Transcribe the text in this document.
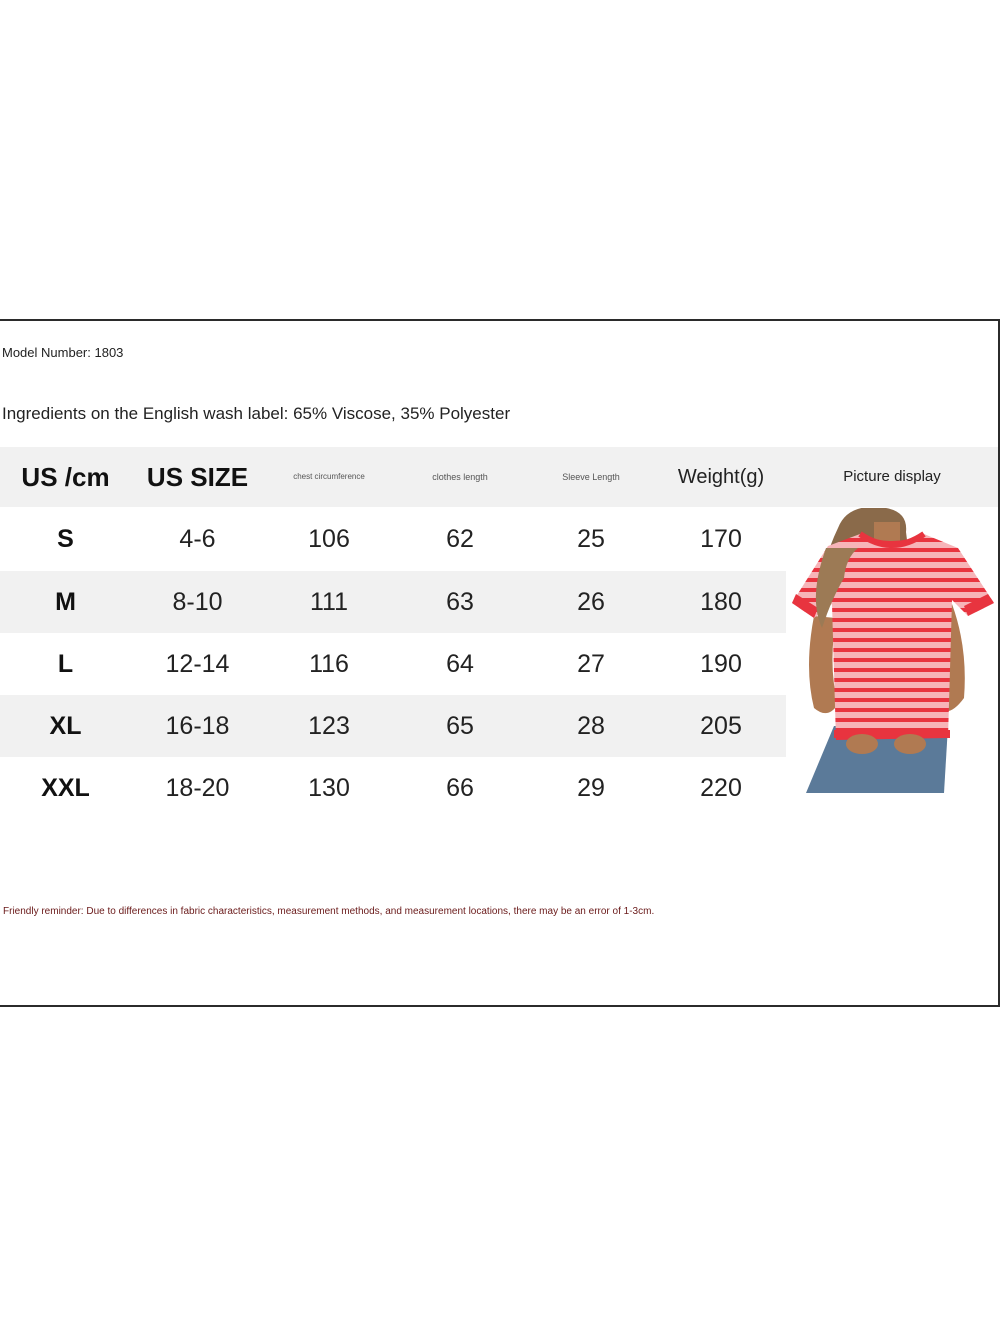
Model Number: 1803
Ingredients on the English wash label: 65% Viscose, 35% Polyester
US /cm	US SIZE	chest circumference	clothes length	Sleeve Length	Weight(g)	Picture display
S	4-6	106	62	25	170
M	8-10	111	63	26	180
L	12-14	116	64	27	190
XL	16-18	123	65	28	205
XXL	18-20	130	66	29	220
Friendly reminder: Due to differences in fabric characteristics, measurement methods, and measurement locations, there may be an error of 1-3cm.
